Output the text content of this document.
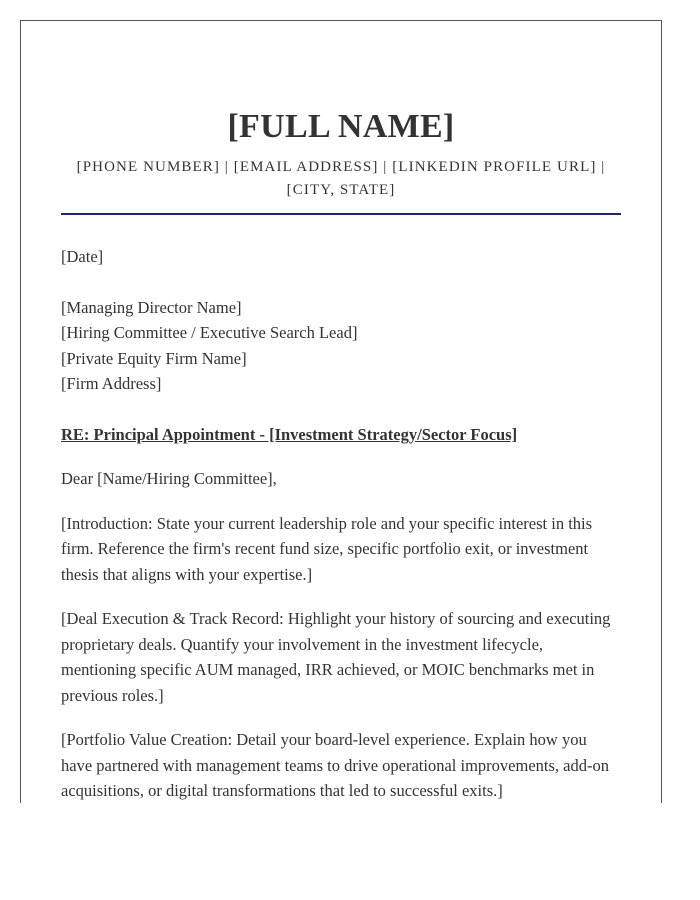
[FULL NAME]
[PHONE NUMBER] | [EMAIL ADDRESS] | [LINKEDIN PROFILE URL] |
[CITY, STATE]
[Date]
[Managing Director Name]
[Hiring Committee / Executive Search Lead]
[Private Equity Firm Name]
[Firm Address]
RE: Principal Appointment - [Investment Strategy/Sector Focus]
Dear [Name/Hiring Committee],
[Introduction: State your current leadership role and your specific interest in this firm. Reference the firm's recent fund size, specific portfolio exit, or investment thesis that aligns with your expertise.]
[Deal Execution & Track Record: Highlight your history of sourcing and executing proprietary deals. Quantify your involvement in the investment lifecycle, mentioning specific AUM managed, IRR achieved, or MOIC benchmarks met in previous roles.]
[Portfolio Value Creation: Detail your board-level experience. Explain how you have partnered with management teams to drive operational improvements, add-on acquisitions, or digital transformations that led to successful exits.]
